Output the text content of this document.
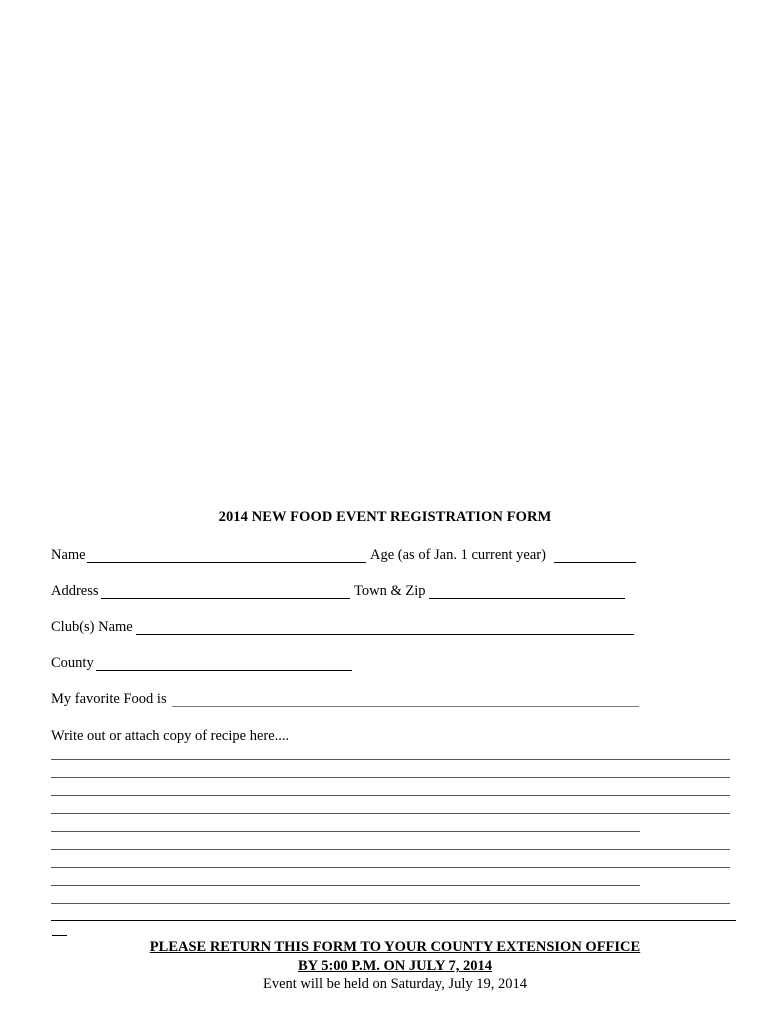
2014 NEW FOOD EVENT REGISTRATION FORM
Name	Age (as of Jan. 1 current year)
Address	Town & Zip
Club(s) Name
County
My favorite Food is
Write out or attach copy of recipe here....
PLEASE RETURN THIS FORM TO YOUR COUNTY EXTENSION OFFICE
BY 5:00 P.M. ON JULY 7, 2014
Event will be held on Saturday, July 19, 2014
